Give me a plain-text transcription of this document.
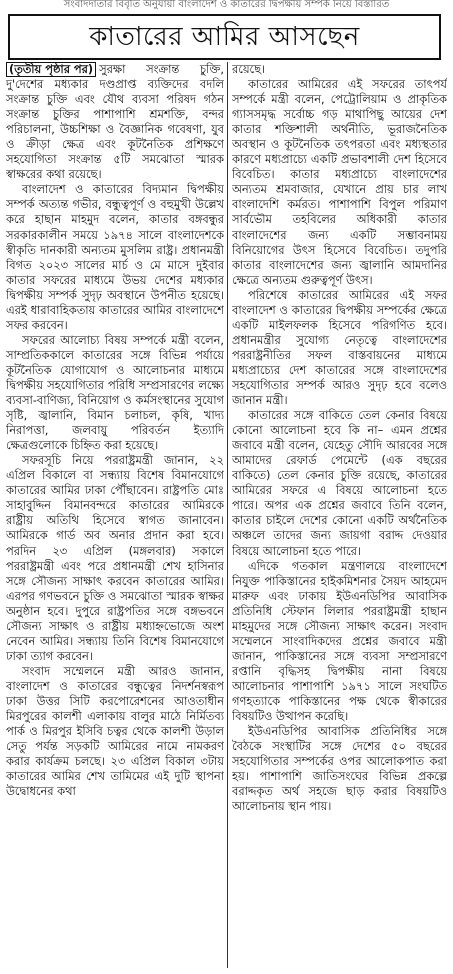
সংবাদদাতার বিবৃতি অনুযায়ী বাংলাদেশ ও কাতারের দ্বিপক্ষীয় সম্পর্ক নিয়ে বিস্তারিত
কাতারের আমির আসছেন

(তৃতীয় পৃষ্ঠার পর) সুরক্ষা সংক্রান্ত চুক্তি, দু'দেশের মধ্যকার দণ্ডপ্রাপ্ত ব্যক্তিদের বদলি সংক্রান্ত চুক্তি এবং যৌথ ব্যবসা পরিষদ গঠন সংক্রান্ত চুক্তির পাশাপাশি শ্রমশক্তি, বন্দর পরিচালনা, উচ্চশিক্ষা ও বৈজ্ঞানিক গবেষণা, যুব ও ক্রীড়া ক্ষেত্র এবং কূটনৈতিক প্রশিক্ষণে সহযোগিতা সংক্রান্ত ৫টি সমঝোতা স্মারক স্বাক্ষরের কথা রয়েছে।

বাংলাদেশ ও কাতারের বিদ্যমান দ্বিপক্ষীয় সম্পর্ক অত্যন্ত গভীর, বন্ধুত্বপূর্ণ ও বহুমুখী উল্লেখ করে হাছান মাহমুদ বলেন, কাতার বঙ্গবন্ধুর সরকারকালীন সময়ে ১৯৭৪ সালে বাংলাদেশকে স্বীকৃতি দানকারী অন্যতম মুসলিম রাষ্ট্র। প্রধানমন্ত্রী বিগত ২০২৩ সালের মার্চ ও মে মাসে দুইবার কাতার সফরের মাধ্যমে উভয় দেশের মধ্যকার দ্বিপক্ষীয় সম্পর্ক সুদৃঢ় অবস্থানে উপনীত হয়েছে। এরই ধারাবাহিকতায় কাতারের আমির বাংলাদেশে সফর করবেন।

সফরের আলোচ্য বিষয় সম্পর্কে মন্ত্রী বলেন, সাম্প্রতিককালে কাতারের সঙ্গে বিভিন্ন পর্যায়ে কূটনৈতিক যোগাযোগ ও আলোচনার মাধ্যমে দ্বিপক্ষীয় সহযোগিতার পরিধি সম্প্রসারণের লক্ষ্যে ব্যবসা-বাণিজ্য, বিনিয়োগ ও কর্মসংস্থানের সুযোগ সৃষ্টি, জ্বালানি, বিমান চলাচল, কৃষি, খাদ্য নিরাপত্তা, জলবায়ু পরিবর্তন ইত্যাদি ক্ষেত্রগুলোকে চিহ্নিত করা হয়েছে।

সফরসূচি নিয়ে পররাষ্ট্রমন্ত্রী জানান, ২২ এপ্রিল বিকালে বা সন্ধ্যায় বিশেষ বিমানযোগে কাতারের আমির ঢাকা পৌঁছাবেন। রাষ্ট্রপতি মোঃ সাহাবুদ্দিন বিমানবন্দরে কাতারের আমিরকে রাষ্ট্রীয় অতিথি হিসেবে স্বাগত জানাবেন। আমিরকে গার্ড অব অনার প্রদান করা হবে। পরদিন ২৩ এপ্রিল (মঙ্গলবার) সকালে পররাষ্ট্রমন্ত্রী এবং পরে প্রধানমন্ত্রী শেখ হাসিনার সঙ্গে সৌজন্য সাক্ষাৎ করবেন কাতারের আমির। এরপর গণভবনে চুক্তি ও সমঝোতা স্মারক স্বাক্ষর অনুষ্ঠান হবে। দুপুরে রাষ্ট্রপতির সঙ্গে বঙ্গভবনে সৌজন্য সাক্ষাৎ ও রাষ্ট্রীয় মধ্যাহ্নভোজে অংশ নেবেন আমির। সন্ধ্যায় তিনি বিশেষ বিমানযোগে ঢাকা ত্যাগ করবেন।

সংবাদ সম্মেলনে মন্ত্রী আরও জানান, বাংলাদেশ ও কাতারের বন্ধুত্বের নিদর্শনস্বরূপ ঢাকা উত্তর সিটি করপোরেশনের আওতাধীন মিরপুরের কালশী এলাকায় বালুর মাঠে নির্মিতব্য পার্ক ও মিরপুর ইসিবি চত্বর থেকে কালশী উড়াল সেতু পর্যন্ত সড়কটি আমিরের নামে নামকরণ করার কার্যক্রম চলছে। ২৩ এপ্রিল বিকাল ৩টায় কাতারের আমির শেখ তামিমের এই দুটি স্থাপনা উদ্বোধনের কথা

রয়েছে।

কাতারের আমিরের এই সফরের তাৎপর্য সম্পর্কে মন্ত্রী বলেন, পেট্রোলিয়াম ও প্রাকৃতিক গ্যাসসমৃদ্ধ সর্বোচ্চ গড় মাথাপিছু আয়ের দেশ কাতার শক্তিশালী অর্থনীতি, ভূরাজনৈতিক অবস্থান ও কূটনৈতিক তৎপরতা এবং মধ্যস্থতার কারণে মধ্যপ্রাচ্যে একটি প্রভাবশালী দেশ হিসেবে বিবেচিত। কাতার মধ্যপ্রাচ্যে বাংলাদেশের অন্যতম শ্রমবাজার, যেখানে প্রায় চার লাখ বাংলাদেশি কর্মরত। পাশাপাশি বিপুল পরিমাণ সার্বভৌম তহবিলের অধিকারী কাতার বাংলাদেশের জন্য একটি সম্ভাবনাময় বিনিয়োগের উৎস হিসেবে বিবেচিত। তদুপরি কাতার বাংলাদেশের জন্য জ্বালানি আমদানির ক্ষেত্রে অন্যতম গুরুত্বপূর্ণ উৎস।

পরিশেষে কাতারের আমিরের এই সফর বাংলাদেশ ও কাতারের দ্বিপক্ষীয় সম্পর্কের ক্ষেত্রে একটি মাইলফলক হিসেবে পরিগণিত হবে। প্রধানমন্ত্রীর সুযোগ্য নেতৃত্বে বাংলাদেশের পররাষ্ট্রনীতির সফল বাস্তবায়নের মাধ্যমে মধ্যপ্রাচ্যের দেশ কাতারের সঙ্গে বাংলাদেশের সহযোগিতার সম্পর্ক আরও সুদৃঢ় হবে বলেও জানান মন্ত্রী।

কাতারের সঙ্গে বাকিতে তেল কেনার বিষয়ে কোনো আলোচনা হবে কি না– এমন প্রশ্নের জবাবে মন্ত্রী বলেন, যেহেতু সৌদি আরবের সঙ্গে আমাদের রেফার্ড পেমেন্টে (এক বছরের বাকিতে) তেল কেনার চুক্তি রয়েছে, কাতারের আমিরের সফরে এ বিষয়ে আলোচনা হতে পারে। অপর এক প্রশ্নের জবাবে তিনি বলেন, কাতার চাইলে দেশের কোনো একটি অর্থনৈতিক অঞ্চলে তাদের জন্য জায়গা বরাদ্দ দেওয়ার বিষয়ে আলোচনা হতে পারে।

এদিকে গতকাল মন্ত্রণালয়ে বাংলাদেশে নিযুক্ত পাকিস্তানের হাইকমিশনার সৈয়দ আহমেদ মারুফ এবং ঢাকায় ইউএনডিপির আবাসিক প্রতিনিধি স্টেফান লিলার পররাষ্ট্রমন্ত্রী হাছান মাহমুদের সঙ্গে সৌজন্য সাক্ষাৎ করেন। সংবাদ সম্মেলনে সাংবাদিকদের প্রশ্নের জবাবে মন্ত্রী জানান, পাকিস্তানের সঙ্গে ব্যবসা সম্প্রসারণে রপ্তানি বৃদ্ধিসহ দ্বিপক্ষীয় নানা বিষয়ে আলোচনার পাশাপাশি ১৯৭১ সালে সংঘটিত গণহত্যাকে পাকিস্তানের পক্ষ থেকে স্বীকারের বিষয়টিও উত্থাপন করেছি।

ইউএনডিপির আবাসিক প্রতিনিধির সঙ্গে বৈঠকে সংস্থাটির সঙ্গে দেশের ৫০ বছরের সহযোগিতার সম্পর্কের ওপর আলোকপাত করা হয়। পাশাপাশি জাতিসংঘের বিভিন্ন প্রকল্পে বরাদ্দকৃত অর্থ সহজে ছাড় করার বিষয়টিও আলোচনায় স্থান পায়।
